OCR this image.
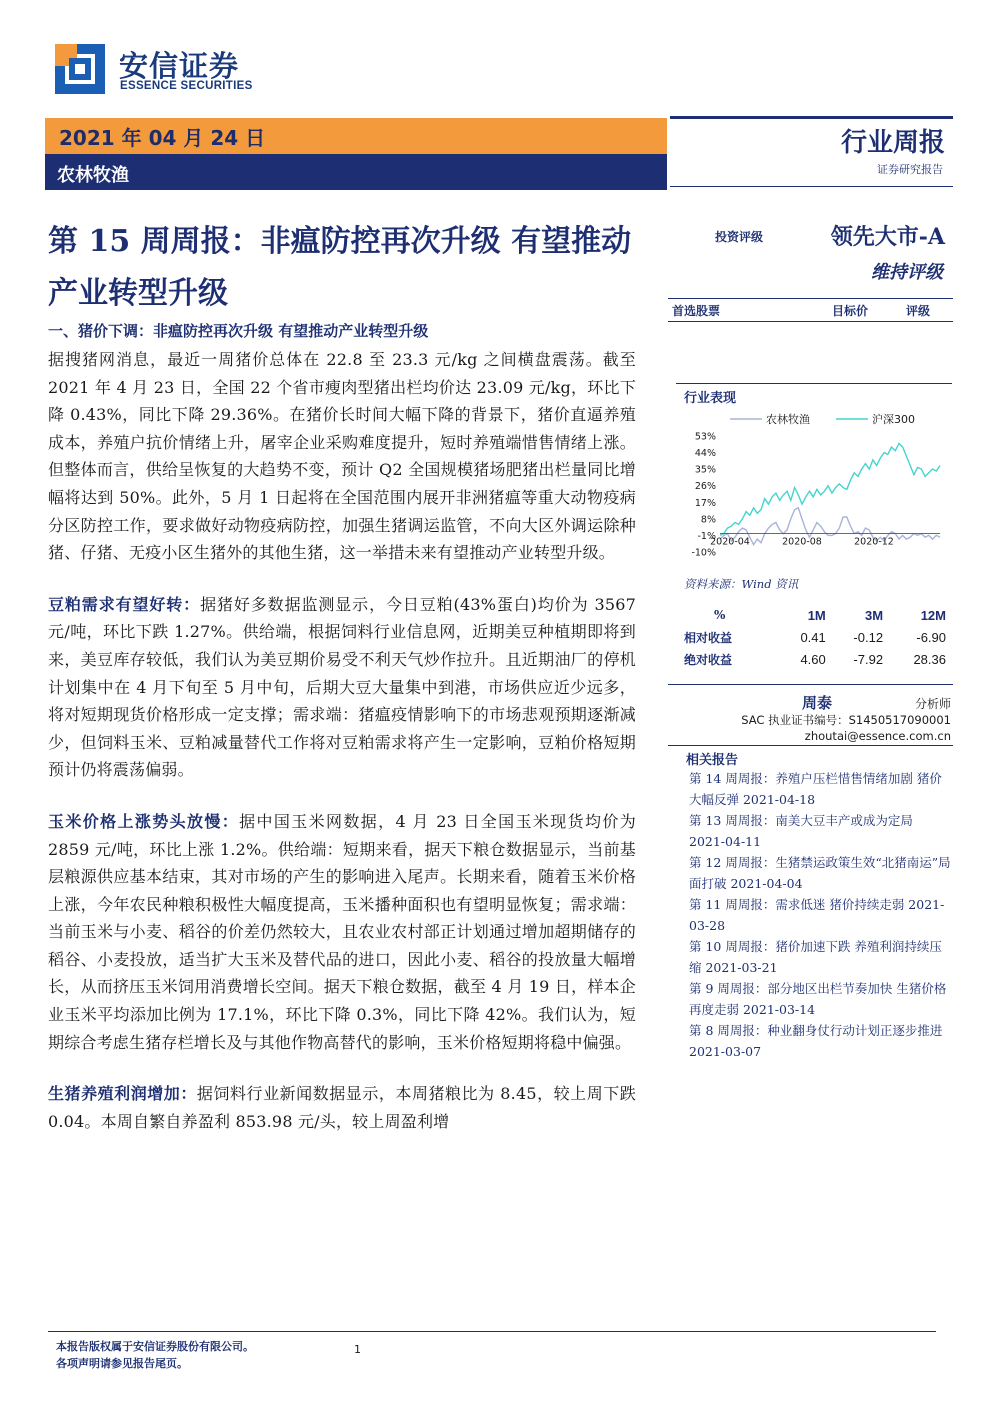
安信证券
ESSENCE SECURITIES
2021 年 04 月 24 日
农林牧渔
行业周报
证券研究报告
第 15 周周报：非瘟防控再次升级 有望推动产业转型升级
投资评级	领先大市-A
维持评级
首选股票	目标价	评级
行业表现
农林牧渔	沪深300
53%
44%
35%
26%
17%
8%
-1%
-10%
2020-04	2020-08	2020-12
资料来源：Wind 资讯
%	1M	3M	12M
相对收益	0.41	-0.12	-6.90
绝对收益	4.60	-7.92	28.36
周泰	分析师
SAC 执业证书编号：S1450517090001
zhoutai@essence.com.cn
相关报告
第 14 周周报：养殖户压栏惜售情绪加剧 猪价大幅反弹 2021-04-18
第 13 周周报：南美大豆丰产或成为定局 2021-04-11
第 12 周周报：生猪禁运政策生效“北猪南运”局面打破 2021-04-04
第 11 周周报：需求低迷 猪价持续走弱 2021-03-28
第 10 周周报：猪价加速下跌 养殖利润持续压缩 2021-03-21
第 9 周周报：部分地区出栏节奏加快 生猪价格再度走弱 2021-03-14
第 8 周周报：种业翻身仗行动计划正逐步推进 2021-03-07
一、猪价下调：非瘟防控再次升级 有望推动产业转型升级

据搜猪网消息，最近一周猪价总体在 22.8 至 23.3 元/kg 之间横盘震荡。截至 2021 年 4 月 23 日，全国 22 个省市瘦肉型猪出栏均价达 23.09 元/kg，环比下降 0.43%，同比下降 29.36%。在猪价长时间大幅下降的背景下，猪价直逼养殖成本，养殖户抗价情绪上升，屠宰企业采购难度提升，短时养殖端惜售情绪上涨。但整体而言，供给呈恢复的大趋势不变，预计 Q2 全国规模猪场肥猪出栏量同比增幅将达到 50%。此外，5 月 1 日起将在全国范围内展开非洲猪瘟等重大动物疫病分区防控工作，要求做好动物疫病防控，加强生猪调运监管，不向大区外调运除种猪、仔猪、无疫小区生猪外的其他生猪，这一举措未来有望推动产业转型升级。

豆粕需求有望好转：据猪好多数据监测显示，今日豆粕(43%蛋白)均价为 3567 元/吨，环比下跌 1.27%。供给端，根据饲料行业信息网，近期美豆种植期即将到来，美豆库存较低，我们认为美豆期价易受不利天气炒作拉升。且近期油厂的停机计划集中在 4 月下旬至 5 月中旬，后期大豆大量集中到港，市场供应近少远多，将对短期现货价格形成一定支撑；需求端：猪瘟疫情影响下的市场悲观预期逐渐减少，但饲料玉米、豆粕减量替代工作将对豆粕需求将产生一定影响，豆粕价格短期预计仍将震荡偏弱。

玉米价格上涨势头放慢：据中国玉米网数据，4 月 23 日全国玉米现货均价为 2859 元/吨，环比上涨 1.2%。供给端：短期来看，据天下粮仓数据显示，当前基层粮源供应基本结束，其对市场的产生的影响进入尾声。长期来看，随着玉米价格上涨，今年农民种粮积极性大幅度提高，玉米播种面积也有望明显恢复；需求端：当前玉米与小麦、稻谷的价差仍然较大，且农业农村部正计划通过增加超期储存的稻谷、小麦投放，适当扩大玉米及替代品的进口，因此小麦、稻谷的投放量大幅增长，从而挤压玉米饲用消费增长空间。据天下粮仓数据，截至 4 月 19 日，样本企业玉米平均添加比例为 17.1%，环比下降 0.3%，同比下降 42%。我们认为，短期综合考虑生猪存栏增长及与其他作物高替代的影响，玉米价格短期将稳中偏强。

生猪养殖利润增加：据饲料行业新闻数据显示，本周猪粮比为 8.45，较上周下跌 0.04。本周自繁自养盈利 853.98 元/头，较上周盈利增

本报告版权属于安信证券股份有限公司。
各项声明请参见报告尾页。
1
